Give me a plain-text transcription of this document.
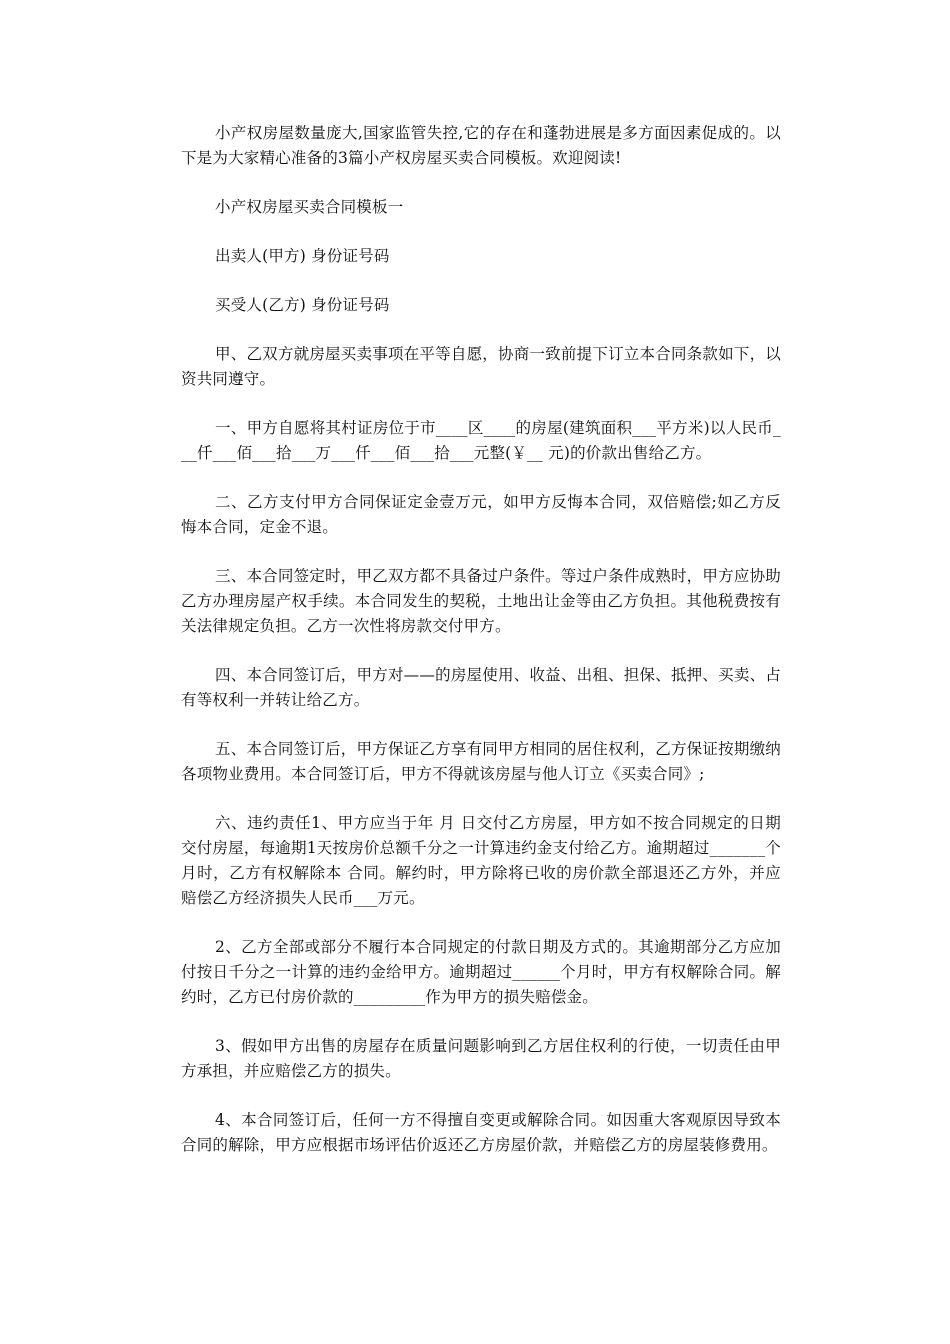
小产权房屋数量庞大,国家监管失控,它的存在和蓬勃进展是多方面因素促成的。以下是为大家精心准备的3篇小产权房屋买卖合同模板。欢迎阅读!

小产权房屋买卖合同模板一

出卖人(甲方) 身份证号码

买受人(乙方) 身份证号码

甲、乙双方就房屋买卖事项在平等自愿，协商一致前提下订立本合同条款如下，以资共同遵守。

一、甲方自愿将其村证房位于市____区____的房屋(建筑面积___平方米)以人民币___仟___佰___拾___万___仟___佰___拾___元整(￥__ 元)的价款出售给乙方。

二、乙方支付甲方合同保证定金壹万元，如甲方反悔本合同，双倍赔偿;如乙方反悔本合同，定金不退。

三、本合同签定时，甲乙双方都不具备过户条件。等过户条件成熟时，甲方应协助乙方办理房屋产权手续。本合同发生的契税，土地出让金等由乙方负担。其他税费按有关法律规定负担。乙方一次性将房款交付甲方。

四、本合同签订后，甲方对——的房屋使用、收益、出租、担保、抵押、买卖、占有等权利一并转让给乙方。

五、本合同签订后，甲方保证乙方享有同甲方相同的居住权利，乙方保证按期缴纳各项物业费用。本合同签订后，甲方不得就该房屋与他人订立《买卖合同》;

六、违约责任1、甲方应当于年 月 日交付乙方房屋，甲方如不按合同规定的日期交付房屋，每逾期1天按房价总额千分之一计算违约金支付给乙方。逾期超过_______个月时，乙方有权解除本 合同。解约时，甲方除将已收的房价款全部退还乙方外，并应赔偿乙方经济损失人民币___万元。

2、乙方全部或部分不履行本合同规定的付款日期及方式的。其逾期部分乙方应加付按日千分之一计算的违约金给甲方。逾期超过______个月时，甲方有权解除合同。解约时，乙方已付房价款的_________作为甲方的损失赔偿金。

3、假如甲方出售的房屋存在质量问题影响到乙方居住权利的行使，一切责任由甲方承担，并应赔偿乙方的损失。

4、本合同签订后，任何一方不得擅自变更或解除合同。如因重大客观原因导致本合同的解除，甲方应根据市场评估价返还乙方房屋价款，并赔偿乙方的房屋装修费用。
